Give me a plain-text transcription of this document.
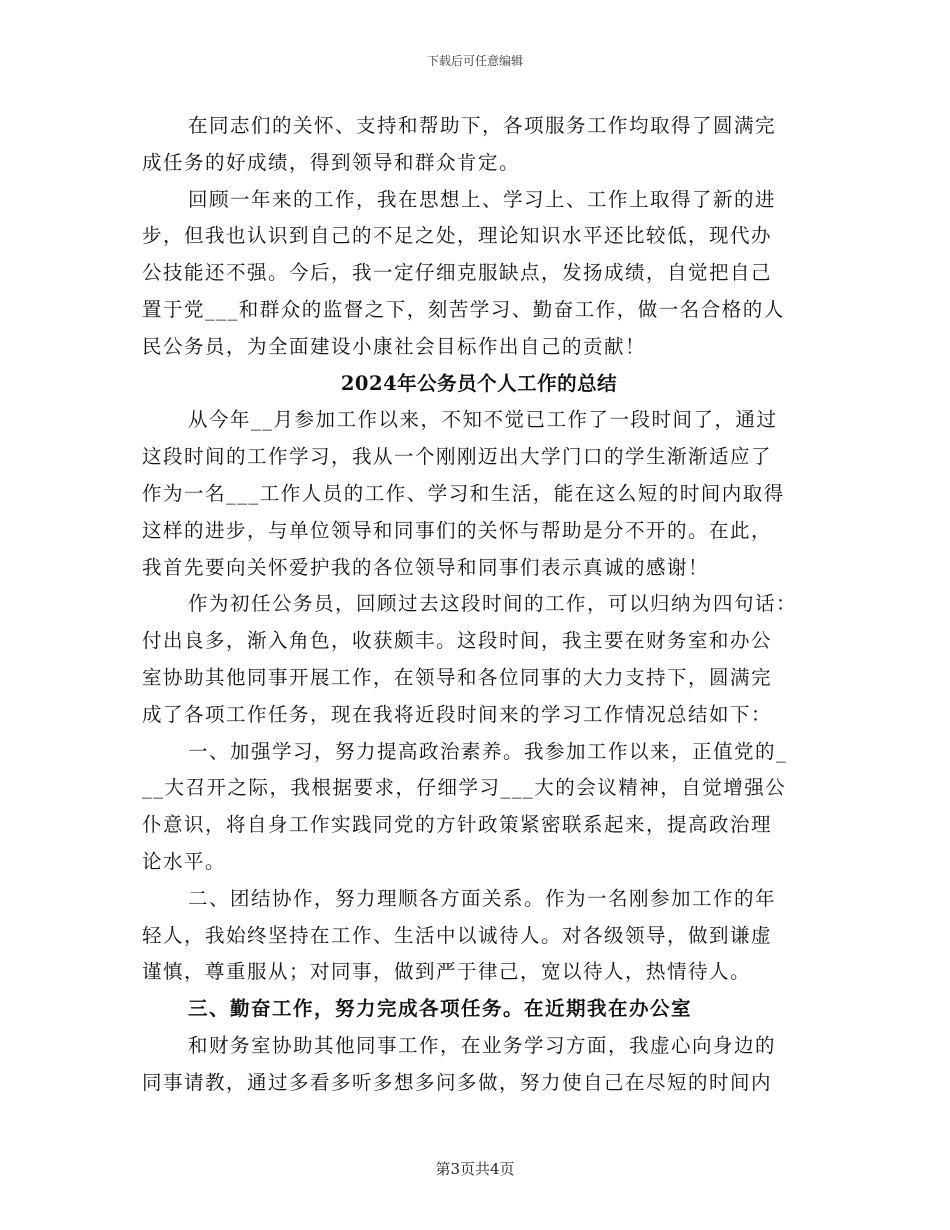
下载后可任意编辑
在同志们的关怀、支持和帮助下，各项服务工作均取得了圆满完
成任务的好成绩，得到领导和群众肯定。
回顾一年来的工作，我在思想上、学习上、工作上取得了新的进
步，但我也认识到自己的不足之处，理论知识水平还比较低，现代办
公技能还不强。今后，我一定仔细克服缺点，发扬成绩，自觉把自己
置于党___和群众的监督之下，刻苦学习、勤奋工作，做一名合格的人
民公务员，为全面建设小康社会目标作出自己的贡献！
2024年公务员个人工作的总结
从今年__月参加工作以来，不知不觉已工作了一段时间了，通过
这段时间的工作学习，我从一个刚刚迈出大学门口的学生渐渐适应了
作为一名___工作人员的工作、学习和生活，能在这么短的时间内取得
这样的进步，与单位领导和同事们的关怀与帮助是分不开的。在此，
我首先要向关怀爱护我的各位领导和同事们表示真诚的感谢！
作为初任公务员，回顾过去这段时间的工作，可以归纳为四句话：
付出良多，渐入角色，收获颇丰。这段时间，我主要在财务室和办公
室协助其他同事开展工作，在领导和各位同事的大力支持下，圆满完
成了各项工作任务，现在我将近段时间来的学习工作情况总结如下：
一、加强学习，努力提高政治素养。我参加工作以来，正值党的_
__大召开之际，我根据要求，仔细学习___大的会议精神，自觉增强公
仆意识，将自身工作实践同党的方针政策紧密联系起来，提高政治理
论水平。
二、团结协作，努力理顺各方面关系。作为一名刚参加工作的年
轻人，我始终坚持在工作、生活中以诚待人。对各级领导，做到谦虚
谨慎，尊重服从；对同事，做到严于律己，宽以待人，热情待人。
三、勤奋工作，努力完成各项任务。在近期我在办公室
和财务室协助其他同事工作，在业务学习方面，我虚心向身边的
同事请教，通过多看多听多想多问多做，努力使自己在尽短的时间内
第3页共4页
